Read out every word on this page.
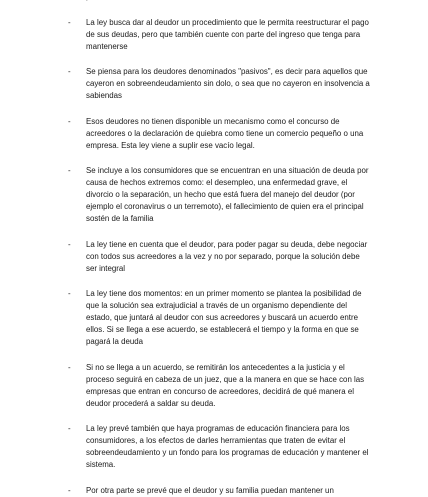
-	La ley busca dar al deudor un procedimiento que le permita reestructurar el pago de sus deudas, pero que también cuente con parte del ingreso que tenga para mantenerse
-	Se piensa para los deudores denominados "pasivos", es decir para aquellos que cayeron en sobreendeudamiento sin dolo, o sea que no cayeron en insolvencia a sabiendas
-	Esos deudores no tienen disponible un mecanismo como el concurso de acreedores o la declaración de quiebra como tiene un comercio pequeño o una empresa. Esta ley viene a suplir ese vacío legal.
-	Se incluye a los consumidores que se encuentran en una situación de deuda por causa de hechos extremos como: el desempleo, una enfermedad grave, el divorcio o la separación, un hecho que está fuera del manejo del deudor (por ejemplo el coronavirus o un terremoto), el fallecimiento de quien era el principal sostén de la familia
-	La ley tiene en cuenta que el deudor, para poder pagar su deuda, debe negociar con todos sus acreedores a la vez y no por separado, porque la solución debe ser integral
-	La ley tiene dos momentos: en un primer momento se plantea la posibilidad de que la solución sea extrajudicial a través de un organismo dependiente del estado, que juntará al deudor con sus acreedores y buscará un acuerdo entre ellos. Si se llega a ese acuerdo, se establecerá el tiempo y la forma en que se pagará la deuda
-	Si no se llega a un acuerdo, se remitirán los antecedentes a la justicia y el proceso seguirá en cabeza de un juez, que a la manera en que se hace con las empresas que entran en concurso de acreedores, decidirá de qué manera el deudor procederá a saldar su deuda.
-	La ley prevé también que haya programas de educación financiera para los consumidores, a los efectos de darles herramientas que traten de evitar el sobreendeudamiento y un fondo para los programas de educación y mantener el sistema.
-	Por otra parte se prevé que el deudor y su familia puedan mantener un
